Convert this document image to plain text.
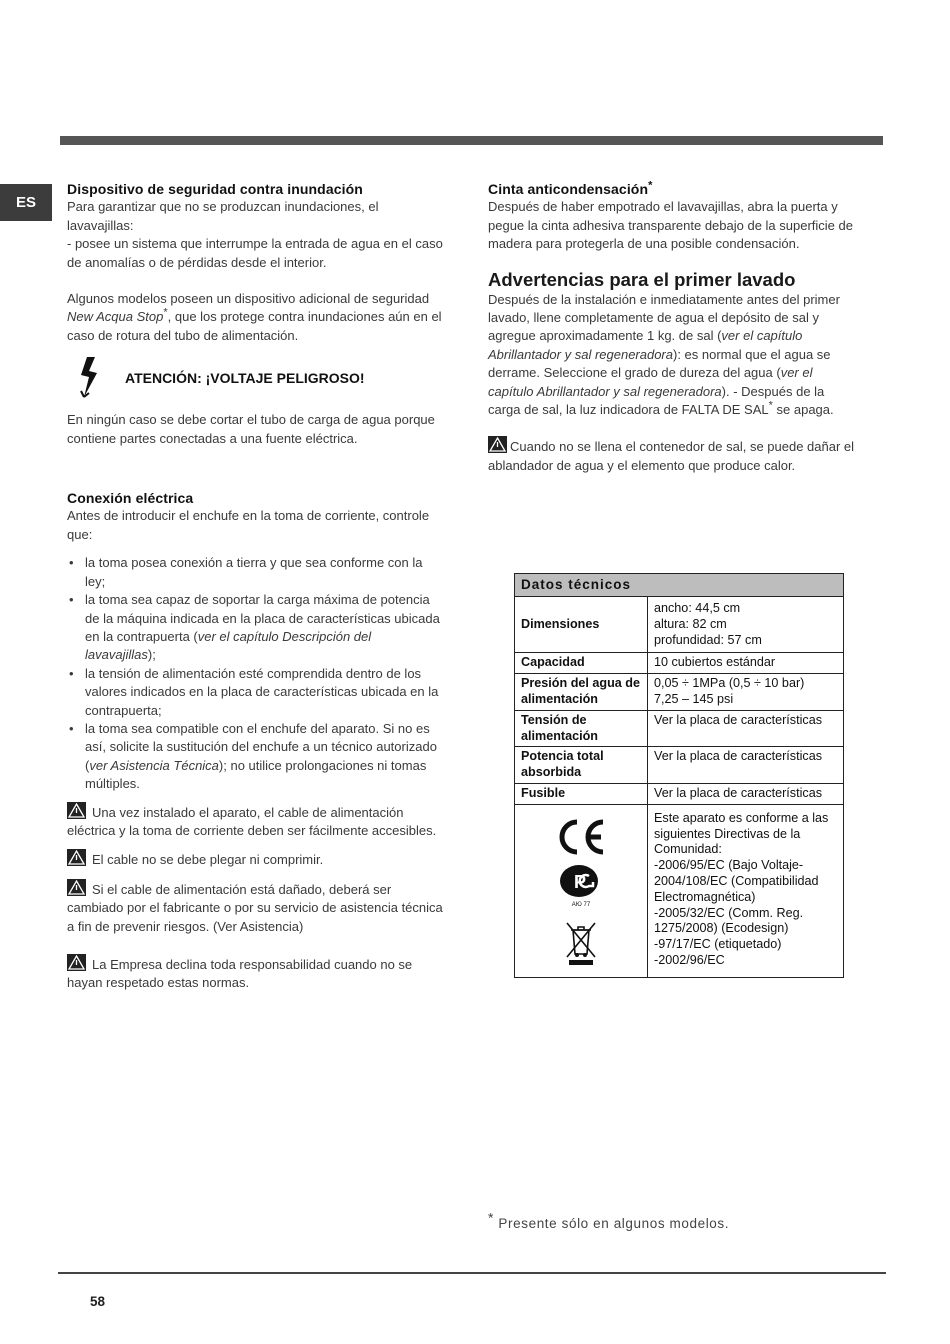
ES
Dispositivo de seguridad contra inundación

Para garantizar que no se produzcan inundaciones, el lavavajillas:

- posee un sistema que interrumpe la entrada de agua en el caso de anomalías o de pérdidas desde el interior.

Algunos modelos poseen un dispositivo adicional de seguridad New Acqua Stop*, que los protege contra inundaciones aún en el caso de rotura del tubo de alimentación.

ATENCIÓN: ¡VOLTAJE PELIGROSO!

En ningún caso se debe cortar el tubo de carga de agua porque contiene partes conectadas a una fuente eléctrica.

Conexión eléctrica

Antes de introducir el enchufe en la toma de corriente, controle que:

• la toma posea conexión a tierra y que sea conforme con la ley;
• la toma sea capaz de soportar la carga máxima de potencia de la máquina indicada en la placa de características ubicada en la contrapuerta (ver el capítulo Descripción del lavavajillas);
• la tensión de alimentación esté comprendida dentro de los valores indicados en la placa de características ubicada en la contrapuerta;
• la toma sea compatible con el enchufe del aparato. Si no es así, solicite la sustitución del enchufe a un técnico autorizado (ver Asistencia Técnica); no utilice prolongaciones ni tomas múltiples.

Una vez instalado el aparato, el cable de alimentación eléctrica y la toma de corriente deben ser fácilmente accesibles.

El cable no se debe plegar ni comprimir.

Si el cable de alimentación está dañado, deberá ser cambiado por el fabricante o por su servicio de asistencia técnica a fin de prevenir riesgos. (Ver Asistencia)

La Empresa declina toda responsabilidad cuando no se hayan respetado estas normas.

Cinta anticondensación*

Después de haber empotrado el lavavajillas, abra la puerta y pegue la cinta adhesiva transparente debajo de la superficie de madera para protegerla de una posible condensación.

Advertencias para el primer lavado

Después de la instalación e inmediatamente antes del primer lavado, llene completamente de agua el depósito de sal y agregue aproximadamente 1 kg. de sal (ver el capítulo Abrillantador y sal regeneradora): es normal que el agua se derrame. Seleccione el grado de dureza del agua (ver el capítulo Abrillantador y sal regeneradora). - Después de la carga de sal, la luz indicadora de FALTA DE SAL* se apaga.

Cuando no se llena el contenedor de sal, se puede dañar el ablandador de agua y el elemento que produce calor.

Datos técnicos
Dimensiones
ancho: 44,5 cm
altura: 82 cm
profundidad: 57 cm
Capacidad	10 cubiertos estándar
Presión del agua de alimentación
0,05 ÷ 1MPa (0,5 ÷ 10 bar)
7,25 – 145 psi
Tensión de alimentación
Ver la placa de características
Potencia total absorbida
Ver la placa de características
Fusible	Ver la placa de características
P
АЮ 77
Este aparato es conforme a las siguientes Directivas de la Comunidad:
-2006/95/EC (Bajo Voltaje-2004/108/EC (Compatibilidad Electromagnética)
-2005/32/EC (Comm. Reg. 1275/2008) (Ecodesign)
-97/17/EC (etiquetado)
-2002/96/EC
* Presente sólo en algunos modelos.
58
